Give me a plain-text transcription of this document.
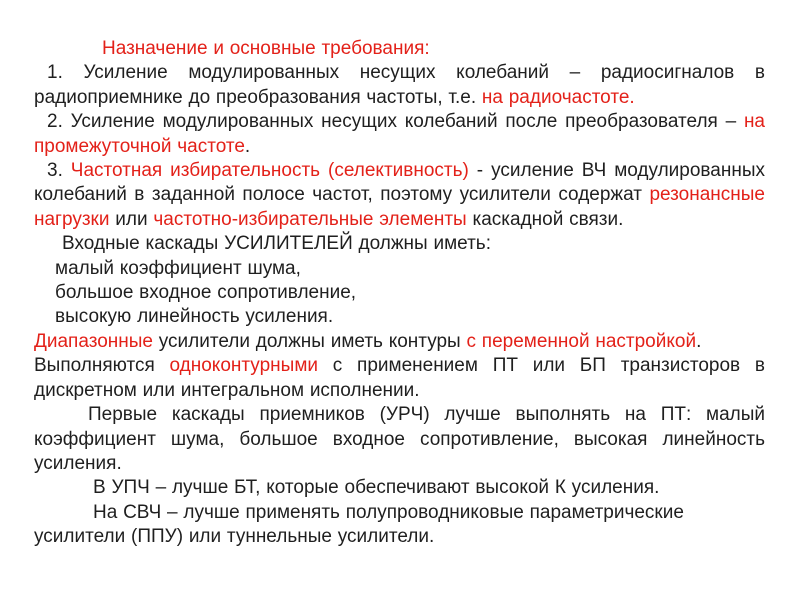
Назначение и основные требования:

1. Усиление модулированных несущих колебаний – радиосигналов в радиоприемнике до преобразования частоты, т.е. на радиочастоте.

2. Усиление модулированных несущих колебаний после преобразователя – на промежуточной частоте.

3. Частотная избирательность (селективность) - усиление ВЧ модулированных колебаний в заданной полосе частот, поэтому усилители содержат резонансные нагрузки или частотно-избирательные элементы каскадной связи.

Входные каскады УСИЛИТЕЛЕЙ должны иметь:

малый коэффициент шума,

большое входное сопротивление,

высокую линейность усиления.

Диапазонные усилители должны иметь контуры с переменной настройкой.

Выполняются одноконтурными с применением ПТ или БП транзисторов в дискретном или интегральном исполнении.

Первые каскады приемников (УРЧ) лучше выполнять на ПТ: малый коэффициент шума, большое входное сопротивление, высокая линейность усиления.

В УПЧ – лучше БТ, которые обеспечивают высокой К усиления.

На СВЧ – лучше применять полупроводниковые параметрические усилители (ППУ) или туннельные усилители.
